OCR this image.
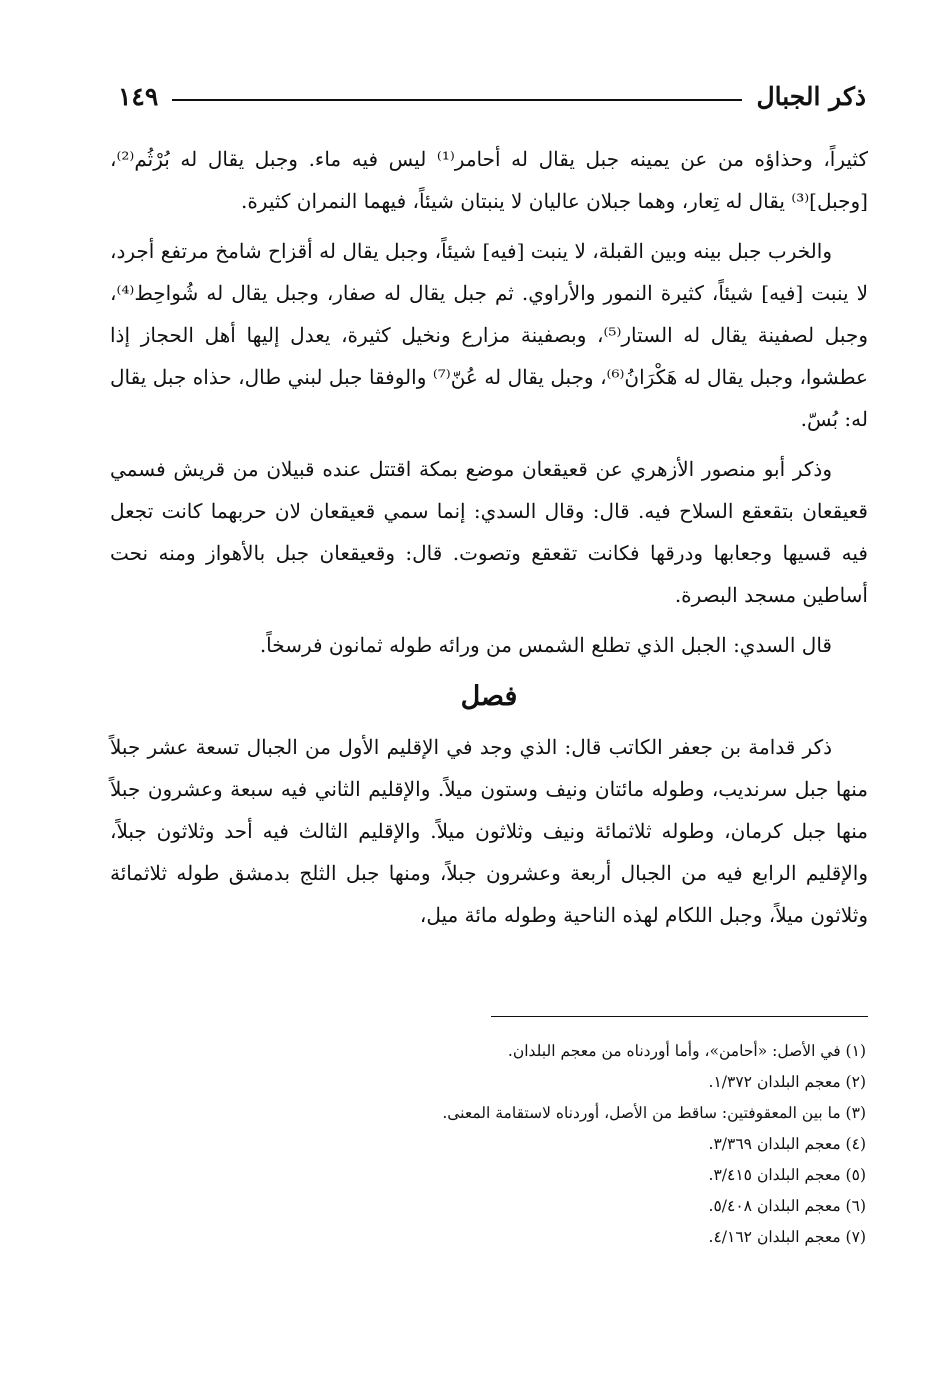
ذكر الجبال
١٤٩

كثيراً، وحذاؤه من عن يمينه جبل يقال له أحامر⁽¹⁾ ليس فيه ماء. وجبل يقال له بُرْثُم⁽²⁾، [وجبل]⁽³⁾ يقال له تِعار، وهما جبلان عاليان لا ينبتان شيئاً، فيهما النمران كثيرة.

والخرب جبل بينه وبين القبلة، لا ينبت [فيه] شيئاً، وجبل يقال له أقزاح شامخ مرتفع أجرد، لا ينبت [فيه] شيئاً، كثيرة النمور والأراوي. ثم جبل يقال له صفار، وجبل يقال له شُواحِط⁽⁴⁾، وجبل لصفينة يقال له الستار⁽⁵⁾، وبصفينة مزارع ونخيل كثيرة، يعدل إليها أهل الحجاز إذا عطشوا، وجبل يقال له هَكْرَانُ⁽⁶⁾، وجبل يقال له عُنّ⁽⁷⁾ والوفقا جبل لبني طال، حذاه جبل يقال له: بُسّ.

وذكر أبو منصور الأزهري عن قعيقعان موضع بمكة اقتتل عنده قبيلان من قريش فسمي قعيقعان بتقعقع السلاح فيه. قال: وقال السدي: إنما سمي قعيقعان لان حربهما كانت تجعل فيه قسيها وجعابها ودرقها فكانت تقعقع وتصوت. قال: وقعيقعان جبل بالأهواز ومنه نحت أساطين مسجد البصرة.

قال السدي: الجبل الذي تطلع الشمس من ورائه طوله ثمانون فرسخاً.

فصل

ذكر قدامة بن جعفر الكاتب قال: الذي وجد في الإقليم الأول من الجبال تسعة عشر جبلاً منها جبل سرنديب، وطوله مائتان ونيف وستون ميلاً. والإقليم الثاني فيه سبعة وعشرون جبلاً منها جبل كرمان، وطوله ثلاثمائة ونيف وثلاثون ميلاً. والإقليم الثالث فيه أحد وثلاثون جبلاً، والإقليم الرابع فيه من الجبال أربعة وعشرون جبلاً، ومنها جبل الثلج بدمشق طوله ثلاثمائة وثلاثون ميلاً، وجبل اللكام لهذه الناحية وطوله مائة ميل،

(١) في الأصل: «أحامن»، وأما أوردناه من معجم البلدان.

(٢) معجم البلدان ١/٣٧٢.

(٣) ما بين المعقوفتين: ساقط من الأصل، أوردناه لاستقامة المعنى.

(٤) معجم البلدان ٣/٣٦٩.

(٥) معجم البلدان ٣/٤١٥.

(٦) معجم البلدان ٥/٤٠٨.

(٧) معجم البلدان ٤/١٦٢.
